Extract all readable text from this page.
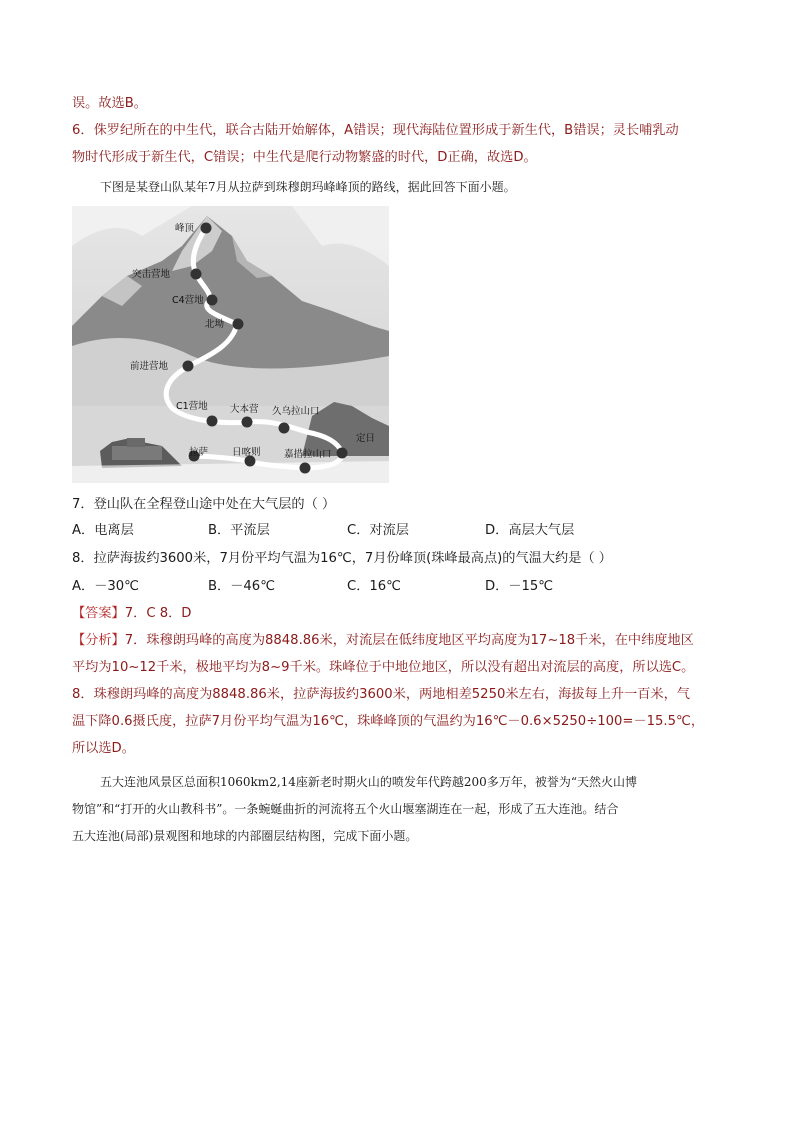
误。故选B。
6．侏罗纪所在的中生代，联合古陆开始解体，A错误；现代海陆位置形成于新生代，B错误；灵长哺乳动
物时代形成于新生代，C错误；中生代是爬行动物繁盛的时代，D正确，故选D。
下图是某登山队某年7月从拉萨到珠穆朗玛峰峰顶的路线，据此回答下面小题。
峰顶
突击营地
C4营地
北坳
前进营地
C1营地 大本营 久乌拉山口
定日
拉萨	日喀则 嘉措拉山口
7．登山队在全程登山途中处在大气层的（ ）
A．电离层	B．平流层	C．对流层	D．高层大气层
8．拉萨海拔约3600米，7月份平均气温为16℃，7月份峰顶(珠峰最高点)的气温大约是（ ）
A．－30℃	B．－46℃	C．16℃	D．－15℃
【答案】7．C 8．D
【分析】7．珠穆朗玛峰的高度为8848.86米，对流层在低纬度地区平均高度为17~18千米，在中纬度地区
平均为10~12千米，极地平均为8~9千米。珠峰位于中地位地区，所以没有超出对流层的高度，所以选C。
8．珠穆朗玛峰的高度为8848.86米，拉萨海拔约3600米，两地相差5250米左右，海拔每上升一百米，气
温下降0.6摄氏度，拉萨7月份平均气温为16℃，珠峰峰顶的气温约为16℃－0.6×5250÷100=－15.5℃，
所以选D。
五大连池风景区总面积1060km2,14座新老时期火山的喷发年代跨越200多万年，被誉为“天然火山博
物馆”和“打开的火山教科书”。一条蜿蜒曲折的河流将五个火山堰塞湖连在一起，形成了五大连池。结合
五大连池(局部)景观图和地球的内部圈层结构图，完成下面小题。
